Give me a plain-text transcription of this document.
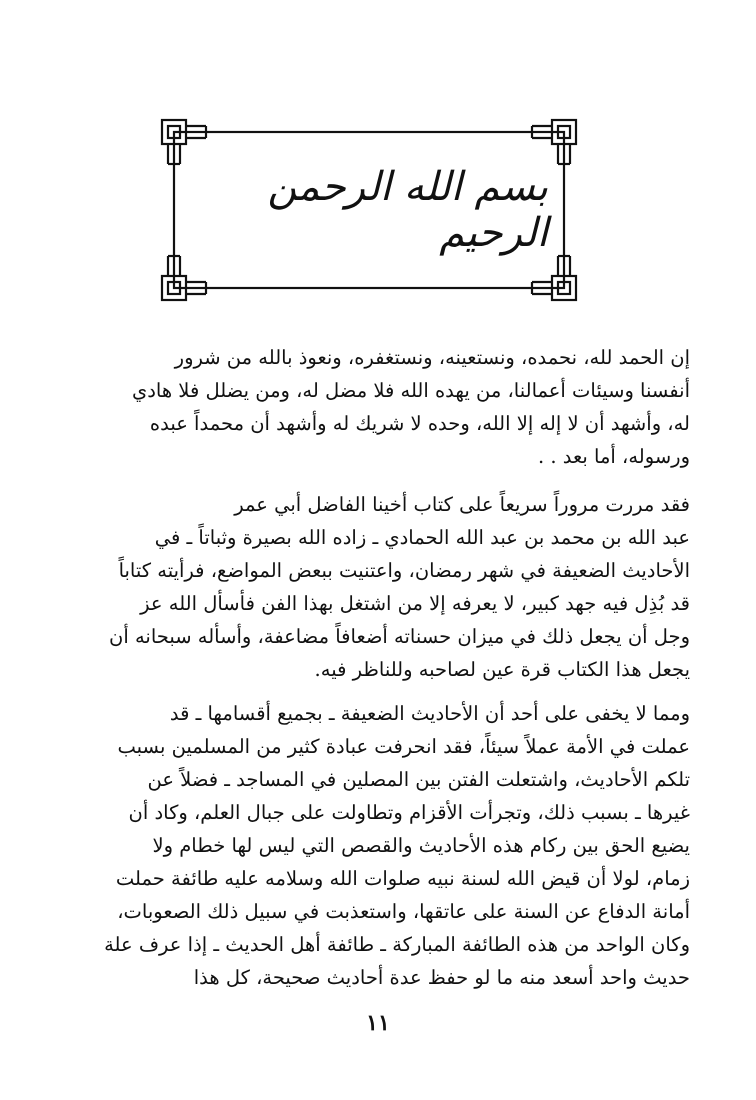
بسم الله الرحمن الرحيم
إن الحمد لله، نحمده، ونستعينه، ونستغفره، ونعوذ بالله من شرور
أنفسنا وسيئات أعمالنا، من يهده الله فلا مضل له، ومن يضلل فلا هادي
له، وأشهد أن لا إله إلا الله، وحده لا شريك له وأشهد أن محمداً عبده
ورسوله، أما بعد . .
فقد مررت مروراً سريعاً على كتاب أخينا الفاضل أبي عمر
عبد الله بن محمد بن عبد الله الحمادي ـ زاده الله بصيرة وثباتاً ـ في
الأحاديث الضعيفة في شهر رمضان، واعتنيت ببعض المواضع، فرأيته كتاباً
قد بُذِل فيه جهد كبير، لا يعرفه إلا من اشتغل بهذا الفن فأسأل الله عز
وجل أن يجعل ذلك في ميزان حسناته أضعافاً مضاعفة، وأسأله سبحانه أن
يجعل هذا الكتاب قرة عين لصاحبه وللناظر فيه.
ومما لا يخفى على أحد أن الأحاديث الضعيفة ـ بجميع أقسامها ـ قد
عملت في الأمة عملاً سيئاً، فقد انحرفت عبادة كثير من المسلمين بسبب
تلكم الأحاديث، واشتعلت الفتن بين المصلين في المساجد ـ فضلاً عن
غيرها ـ بسبب ذلك، وتجرأت الأقزام وتطاولت على جبال العلم، وكاد أن
يضيع الحق بين ركام هذه الأحاديث والقصص التي ليس لها خطام ولا
زمام، لولا أن قيض الله لسنة نبيه صلوات الله وسلامه عليه طائفة حملت
أمانة الدفاع عن السنة على عاتقها، واستعذبت في سبيل ذلك الصعوبات،
وكان الواحد من هذه الطائفة المباركة ـ طائفة أهل الحديث ـ إذا عرف علة
حديث واحد أسعد منه ما لو حفظ عدة أحاديث صحيحة، كل هذا
١١
